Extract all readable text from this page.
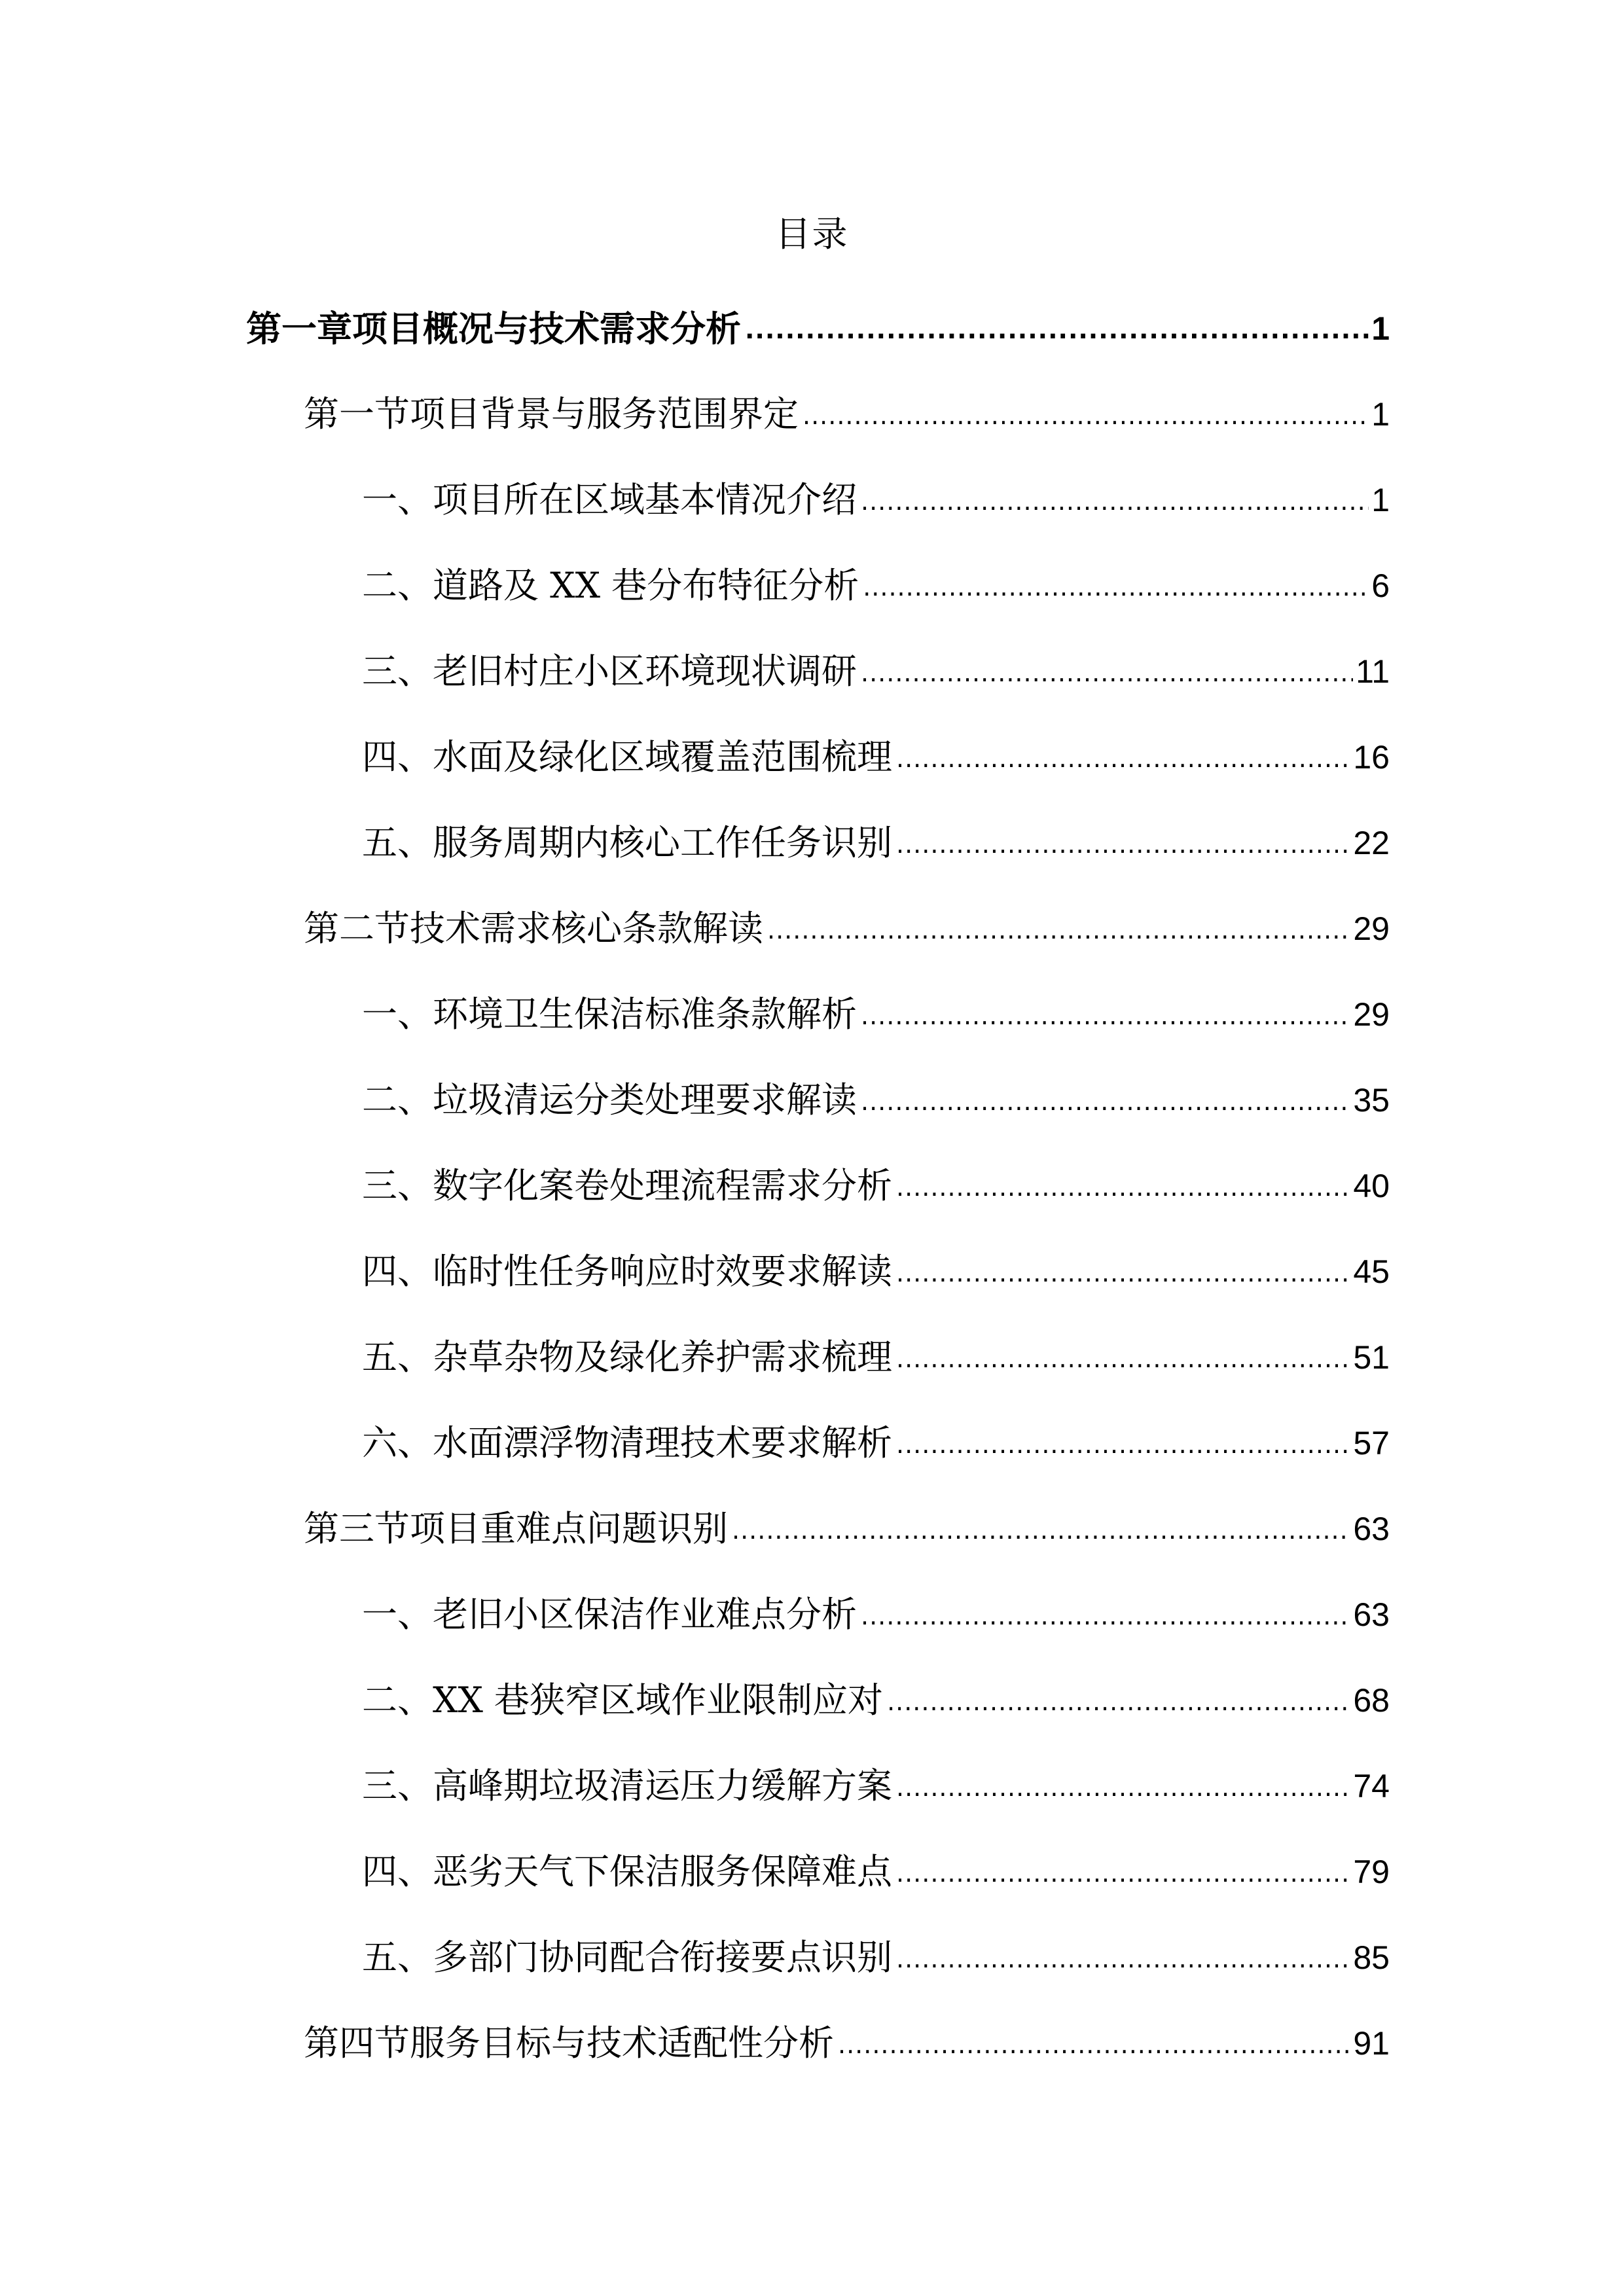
目录
第一章项目概况与技术需求分析 .....	1
第一节项目背景与服务范围界定 .....	1
一、项目所在区域基本情况介绍 .....	1
二、道路及 XX 巷分布特征分析 .....	6
三、老旧村庄小区环境现状调研 .....	11
四、水面及绿化区域覆盖范围梳理 .....	16
五、服务周期内核心工作任务识别 .....	22
第二节技术需求核心条款解读 .....	29
一、环境卫生保洁标准条款解析 .....	29
二、垃圾清运分类处理要求解读 .....	35
三、数字化案卷处理流程需求分析 .....	40
四、临时性任务响应时效要求解读 .....	45
五、杂草杂物及绿化养护需求梳理 .....	51
六、水面漂浮物清理技术要求解析 .....	57
第三节项目重难点问题识别 .....	63
一、老旧小区保洁作业难点分析 .....	63
二、XX 巷狭窄区域作业限制应对 .....	68
三、高峰期垃圾清运压力缓解方案 .....	74
四、恶劣天气下保洁服务保障难点 .....	79
五、多部门协同配合衔接要点识别 .....	85
第四节服务目标与技术适配性分析 .....	91
